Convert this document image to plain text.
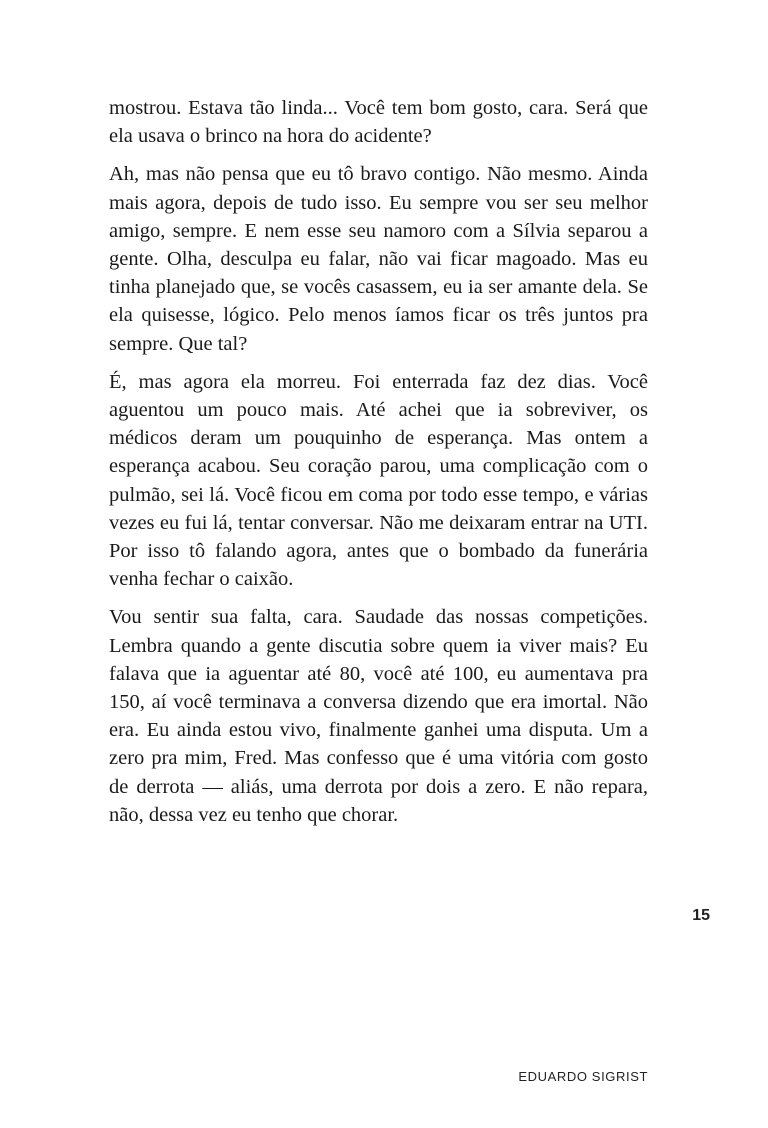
mostrou. Estava tão linda... Você tem bom gosto, cara. Será que ela usava o brinco na hora do acidente?

Ah, mas não pensa que eu tô bravo contigo. Não mesmo. Ainda mais agora, depois de tudo isso. Eu sempre vou ser seu melhor amigo, sempre. E nem esse seu namoro com a Sílvia separou a gente. Olha, desculpa eu falar, não vai ficar magoado. Mas eu tinha planejado que, se vocês casassem, eu ia ser amante dela. Se ela quisesse, lógico. Pelo menos íamos ficar os três juntos pra sempre. Que tal?

É, mas agora ela morreu. Foi enterrada faz dez dias. Você aguentou um pouco mais. Até achei que ia sobreviver, os médicos deram um pouquinho de esperança. Mas ontem a esperança acabou. Seu coração parou, uma complicação com o pulmão, sei lá. Você ficou em coma por todo esse tempo, e várias vezes eu fui lá, tentar conversar. Não me deixaram entrar na UTI. Por isso tô falando agora, antes que o bombado da funerária venha fechar o caixão.

Vou sentir sua falta, cara. Saudade das nossas competições. Lembra quando a gente discutia sobre quem ia viver mais? Eu falava que ia aguentar até 80, você até 100, eu aumentava pra 150, aí você terminava a conversa dizendo que era imortal. Não era. Eu ainda estou vivo, finalmente ganhei uma disputa. Um a zero pra mim, Fred. Mas confesso que é uma vitória com gosto de derrota — aliás, uma derrota por dois a zero. E não repara, não, dessa vez eu tenho que chorar.

15
EDUARDO SIGRIST
